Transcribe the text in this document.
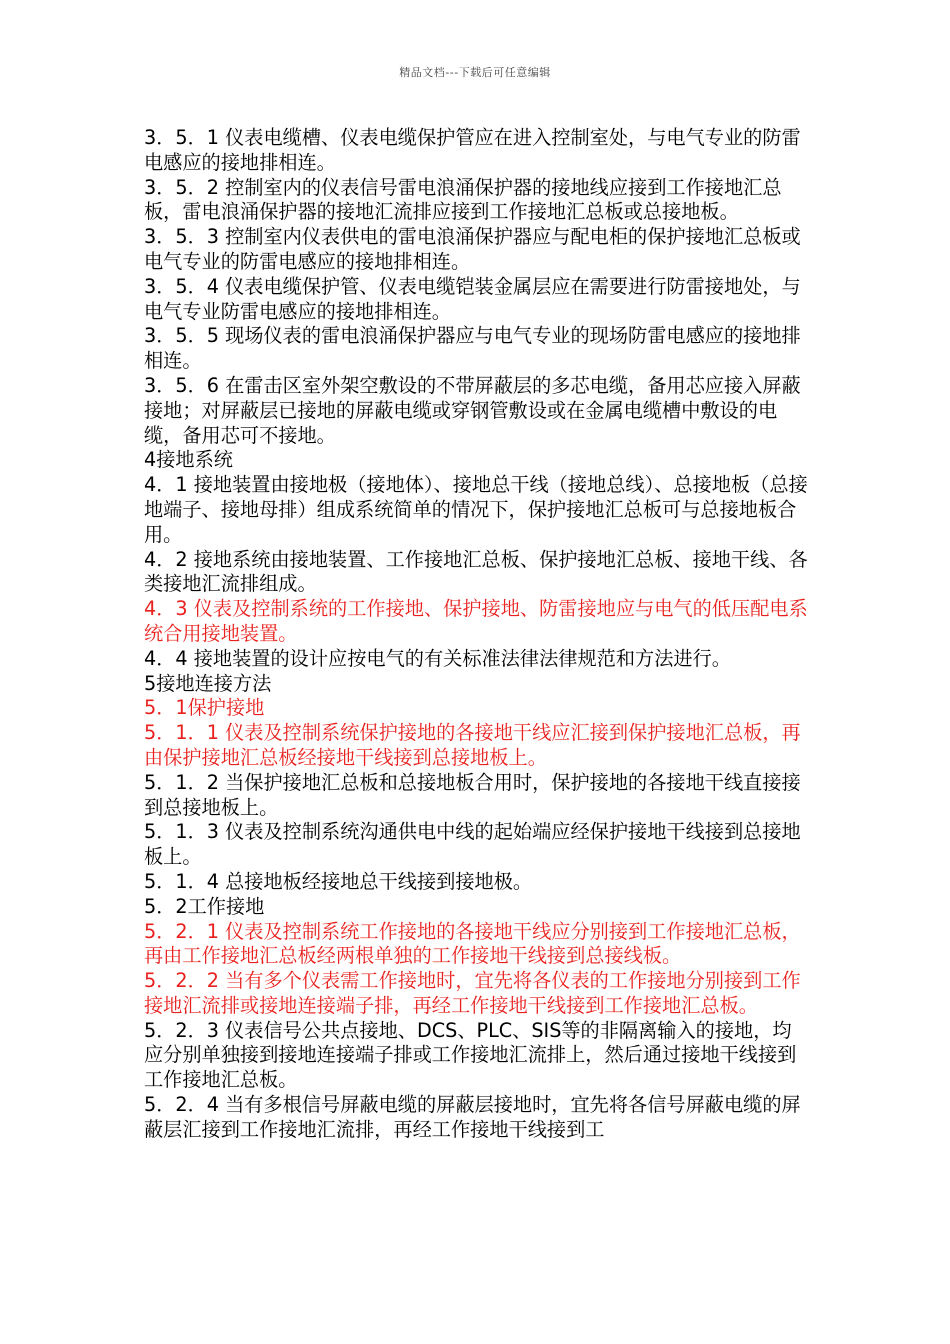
精品文档---下载后可任意编辑

3．5．1 仪表电缆槽、仪表电缆保护管应在进入控制室处，与电气专业的防雷电感应的接地排相连。

3．5．2 控制室内的仪表信号雷电浪涌保护器的接地线应接到工作接地汇总板，雷电浪涌保护器的接地汇流排应接到工作接地汇总板或总接地板。

3．5．3 控制室内仪表供电的雷电浪涌保护器应与配电柜的保护接地汇总板或电气专业的防雷电感应的接地排相连。

3．5．4 仪表电缆保护管、仪表电缆铠装金属层应在需要进行防雷接地处，与电气专业防雷电感应的接地排相连。

3．5．5 现场仪表的雷电浪涌保护器应与电气专业的现场防雷电感应的接地排相连。

3．5．6 在雷击区室外架空敷设的不带屏蔽层的多芯电缆，备用芯应接入屏蔽接地；对屏蔽层已接地的屏蔽电缆或穿钢管敷设或在金属电缆槽中敷设的电缆，备用芯可不接地。

4接地系统

4．1 接地装置由接地极（接地体）、接地总干线（接地总线）、总接地板（总接地端子、接地母排）组成系统简单的情况下，保护接地汇总板可与总接地板合用。

4．2 接地系统由接地装置、工作接地汇总板、保护接地汇总板、接地干线、各类接地汇流排组成。

4．3 仪表及控制系统的工作接地、保护接地、防雷接地应与电气的低压配电系统合用接地装置。

4．4 接地装置的设计应按电气的有关标准法律法律规范和方法进行。

5接地连接方法

5．1保护接地

5．1．1 仪表及控制系统保护接地的各接地干线应汇接到保护接地汇总板，再由保护接地汇总板经接地干线接到总接地板上。

5．1．2 当保护接地汇总板和总接地板合用时，保护接地的各接地干线直接接到总接地板上。

5．1．3 仪表及控制系统沟通供电中线的起始端应经保护接地干线接到总接地板上。

5．1．4 总接地板经接地总干线接到接地极。

5．2工作接地

5．2．1 仪表及控制系统工作接地的各接地干线应分别接到工作接地汇总板，再由工作接地汇总板经两根单独的工作接地干线接到总接线板。

5．2．2 当有多个仪表需工作接地时，宜先将各仪表的工作接地分别接到工作接地汇流排或接地连接端子排，再经工作接地干线接到工作接地汇总板。

5．2．3 仪表信号公共点接地、DCS、PLC、SIS等的非隔离输入的接地，均应分别单独接到接地连接端子排或工作接地汇流排上，然后通过接地干线接到工作接地汇总板。

5．2．4 当有多根信号屏蔽电缆的屏蔽层接地时，宜先将各信号屏蔽电缆的屏蔽层汇接到工作接地汇流排，再经工作接地干线接到工
